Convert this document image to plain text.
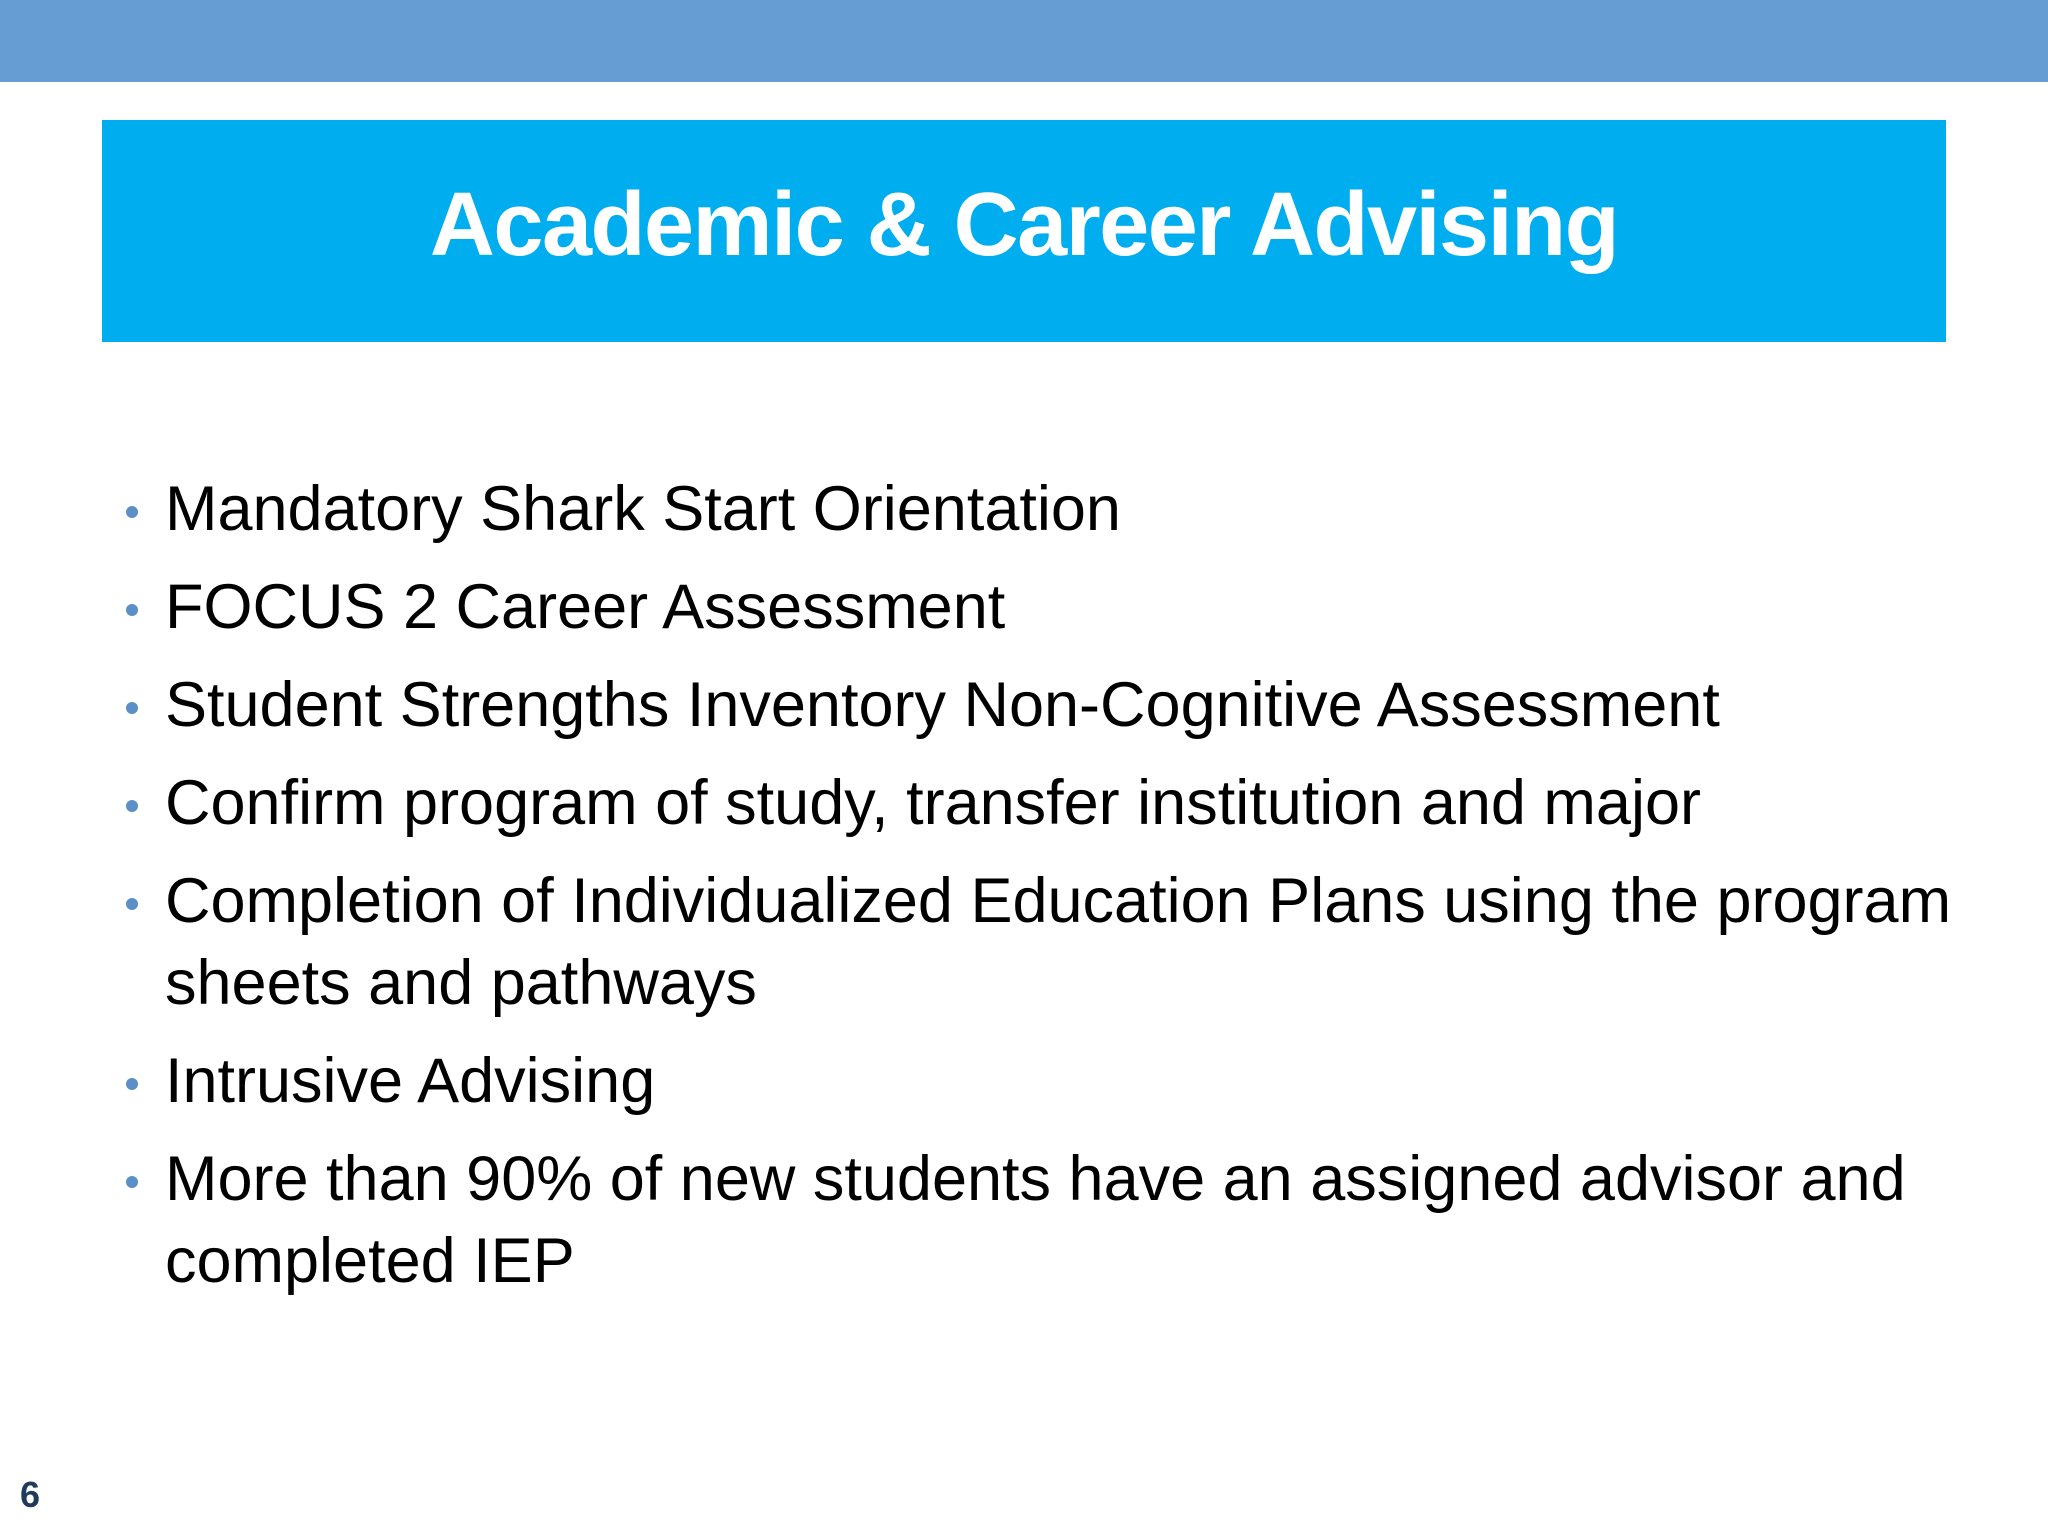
Academic & Career Advising
Mandatory Shark Start Orientation
FOCUS 2 Career Assessment
Student Strengths Inventory Non-Cognitive Assessment
Confirm program of study, transfer institution and major
Completion of Individualized Education Plans using the program sheets and pathways
Intrusive Advising
More than 90% of new students have an assigned advisor and completed IEP
6
